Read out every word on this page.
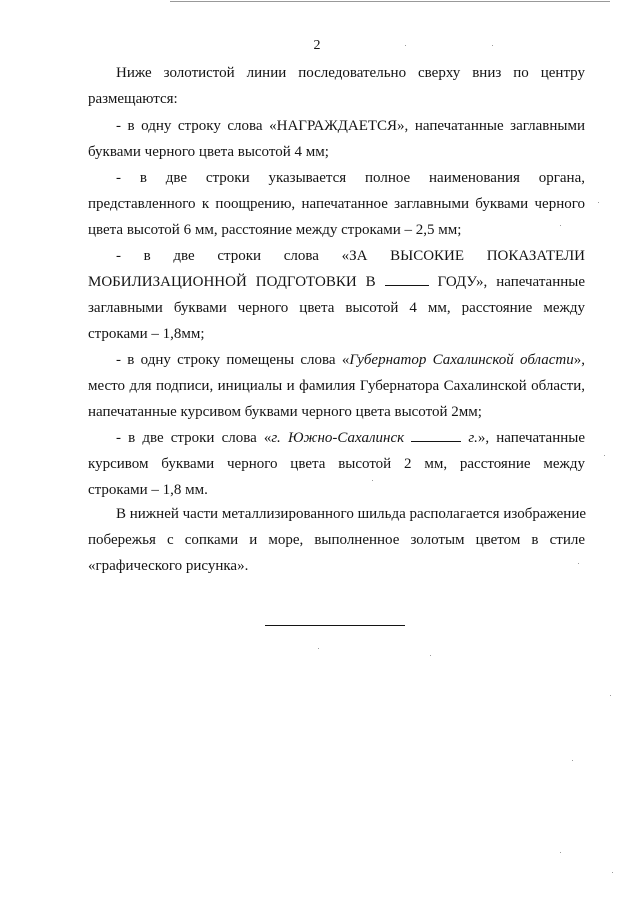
2
Ниже золотистой линии последовательно сверху вниз по центру
размещаются:
- в одну строку слова «НАГРАЖДАЕТСЯ», напечатанные заглавными
буквами черного цвета высотой 4 мм;
- в две строки указывается полное наименования органа,
представленного к поощрению, напечатанное заглавными буквами черного
цвета высотой 6 мм, расстояние между строками – 2,5 мм;
- в две строки слова «ЗА ВЫСОКИЕ ПОКАЗАТЕЛИ
МОБИЛИЗАЦИОННОЙ ПОДГОТОВКИ В	ГОДУ», напечатанные
заглавными буквами черного цвета высотой 4 мм, расстояние между
строками – 1,8мм;
- в одну строку помещены слова «Губернатор Сахалинской области»,
место для подписи, инициалы и фамилия Губернатора Сахалинской области,
напечатанные курсивом буквами черного цвета высотой 2мм;
- в две строки слова «г. Южно-Сахалинск	г.», напечатанные
курсивом буквами черного цвета высотой 2 мм, расстояние между
строками – 1,8 мм.
В нижней части металлизированного шильда располагается изображение
побережья с сопками и море, выполненное золотым цветом в стиле
«графического рисунка».
